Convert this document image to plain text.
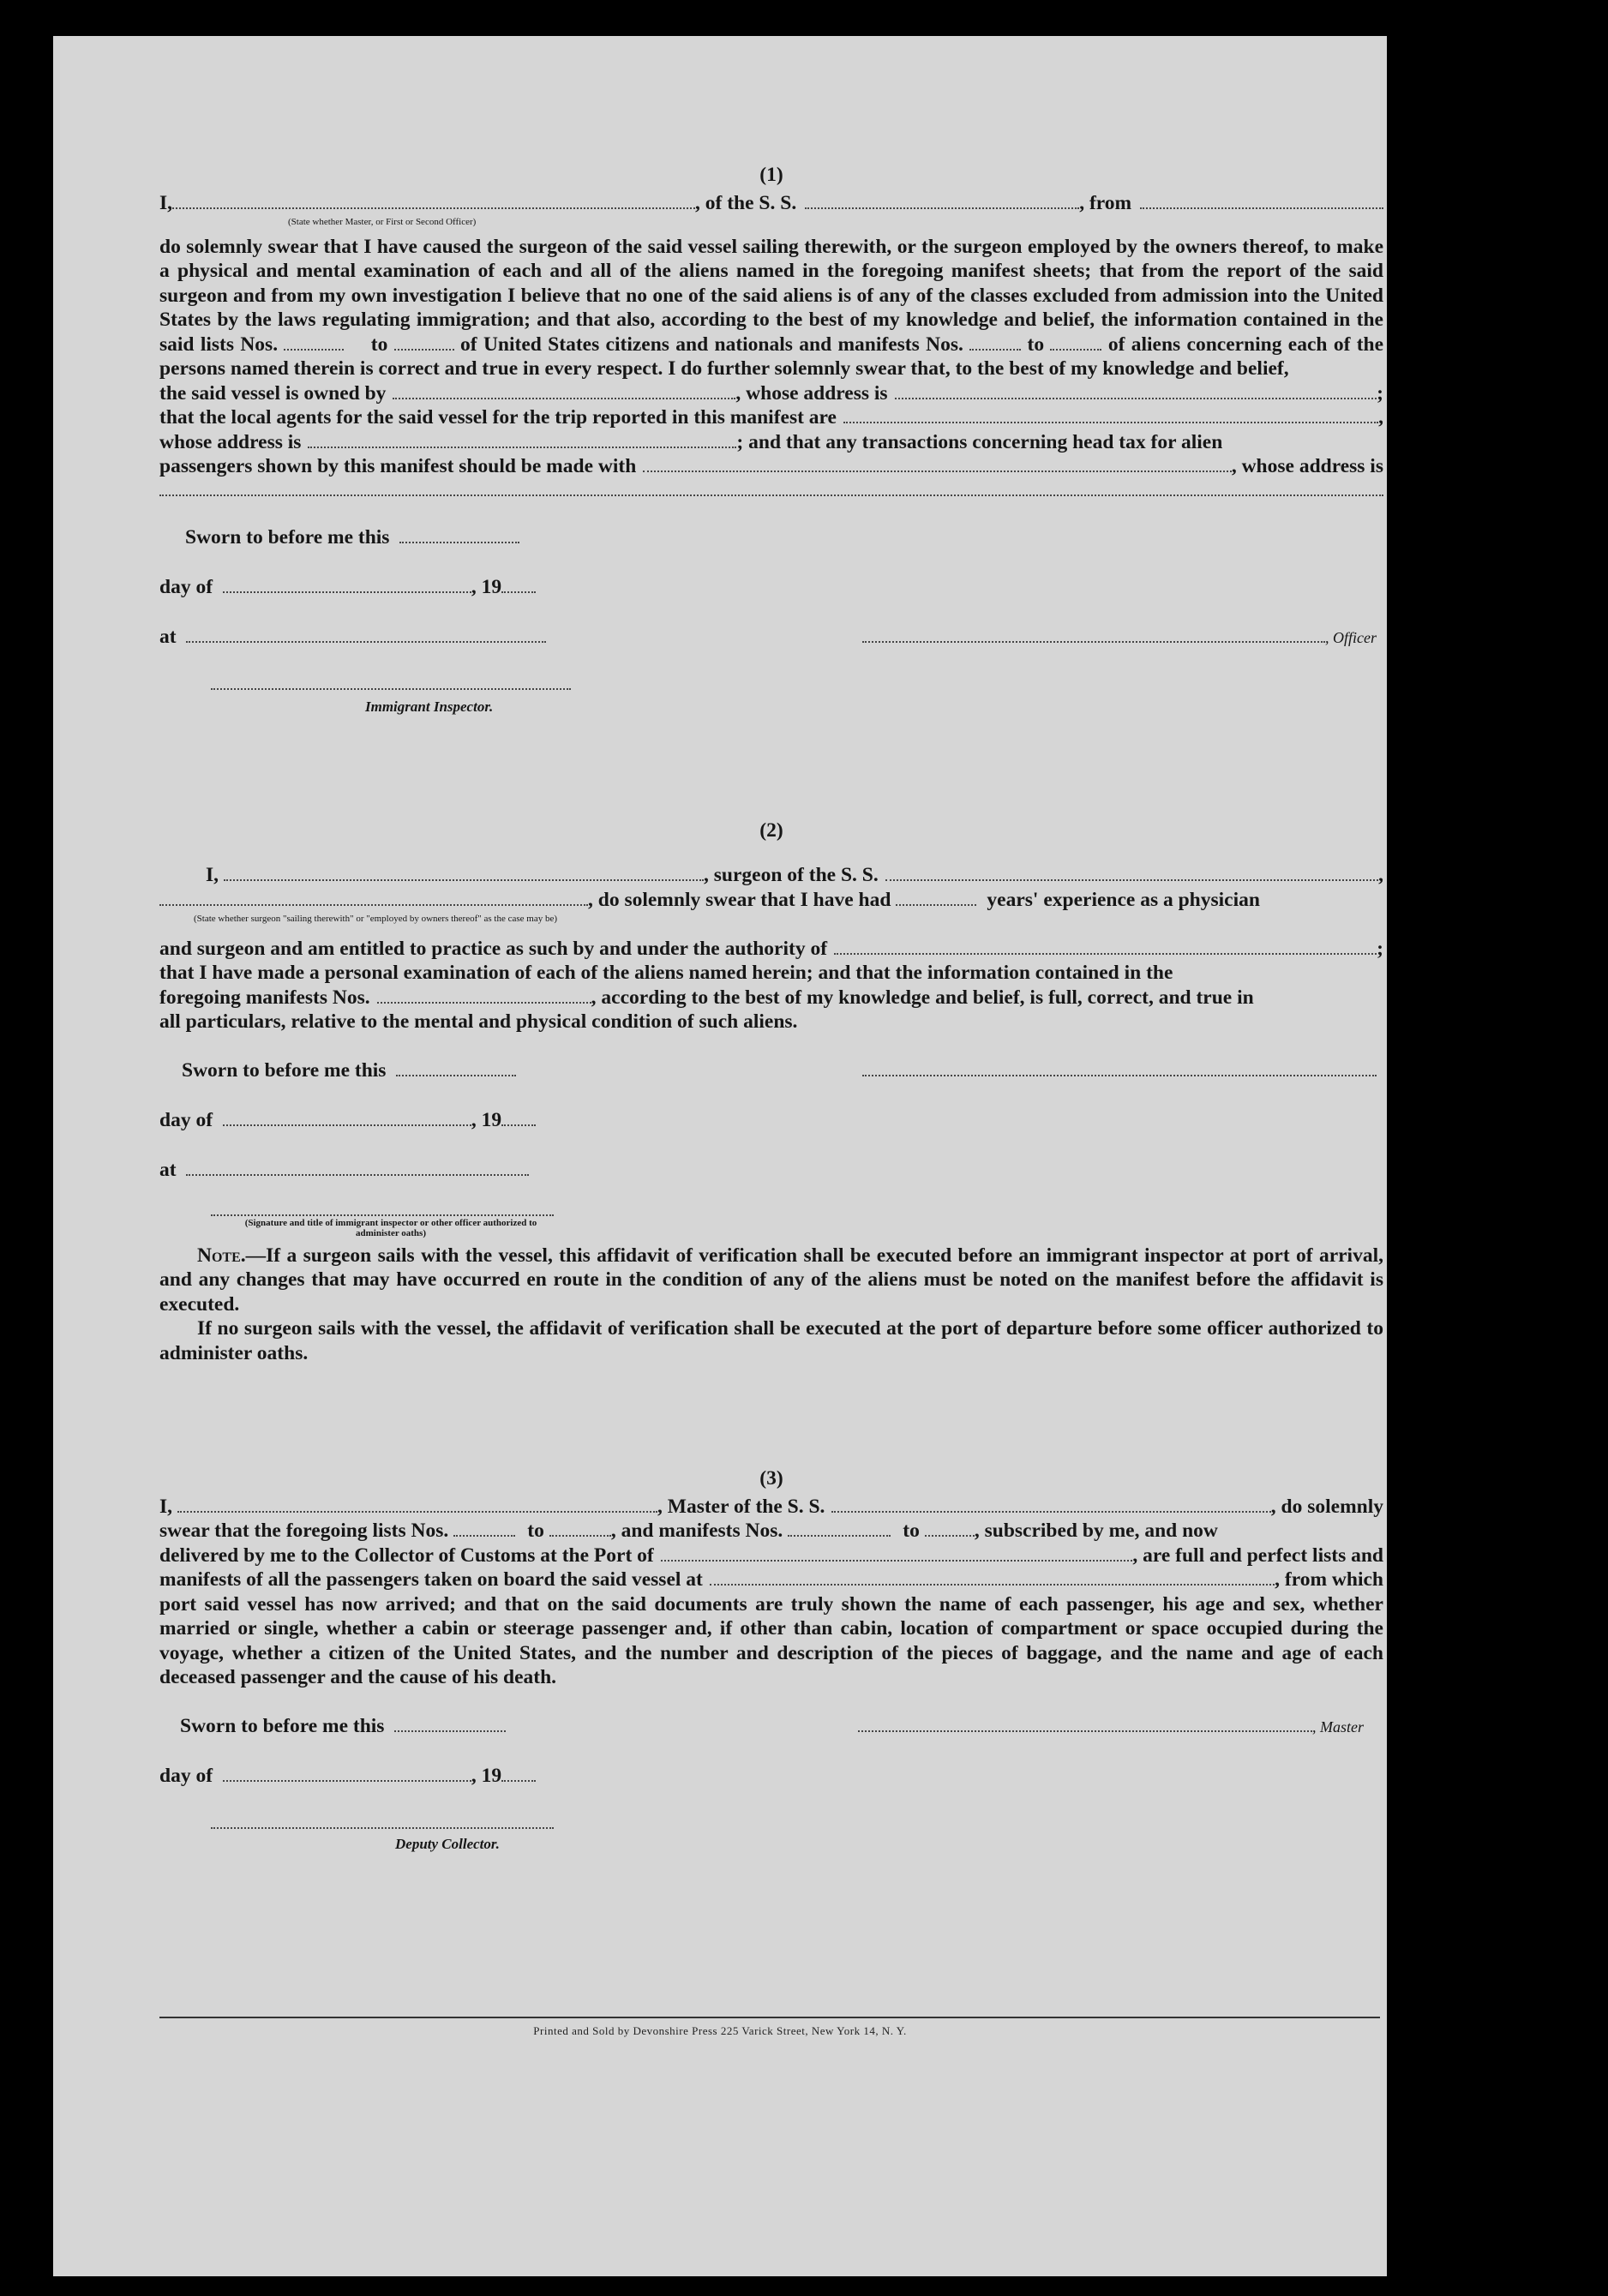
(1)
I,	, of the S. S.	, from
(State whether Master, or First or Second Officer)
do solemnly swear that I have caused the surgeon of the said vessel sailing therewith, or the surgeon employed by the owners thereof, to make a physical and mental examination of each and all of the aliens named in the foregoing manifest sheets; that from the report of the said surgeon and from my own investigation I believe that no one of the said aliens is of any of the classes excluded from admission into the United States by the laws regulating immigration; and that also, according to the best of my knowledge and belief, the information contained in the said lists Nos.	to	of United States citizens and nationals and manifests Nos.	to	of aliens concerning each of the persons named therein is correct and true in every respect. I do further solemnly swear that, to the best of my knowledge and belief,
the said vessel is owned by	, whose address is	;
that the local agents for the said vessel for the trip reported in this manifest are	,
whose address is	; and that any transactions concerning head tax for alien
passengers shown by this manifest should be made with	, whose address is
Sworn to before me this
day of	, 19
at	, Officer
Immigrant Inspector.
(2)
I,	, surgeon of the S. S.	,
, do solemnly swear that I have had	years' experience as a physician
(State whether surgeon "sailing therewith" or "employed by owners thereof" as the case may be)
and surgeon and am entitled to practice as such by and under the authority of	;
that I have made a personal examination of each of the aliens named herein; and that the information contained in the
foregoing manifests Nos.	, according to the best of my knowledge and belief, is full, correct, and true in
all particulars, relative to the mental and physical condition of such aliens.
Sworn to before me this
day of	, 19
at
(Signature and title of immigrant inspector or other officer authorized to administer oaths)
Note.—If a surgeon sails with the vessel, this affidavit of verification shall be executed before an immigrant inspector at port of arrival, and any changes that may have occurred en route in the condition of any of the aliens must be noted on the manifest before the affidavit is executed.
If no surgeon sails with the vessel, the affidavit of verification shall be executed at the port of departure before some officer authorized to administer oaths.
(3)
I,	, Master of the S. S.	, do solemnly
swear that the foregoing lists Nos.	to	, and manifests Nos.	to	, subscribed by me, and now
delivered by me to the Collector of Customs at the Port of	, are full and perfect lists and
manifests of all the passengers taken on board the said vessel at	, from which
port said vessel has now arrived; and that on the said documents are truly shown the name of each passenger, his age and sex, whether married or single, whether a cabin or steerage passenger and, if other than cabin, location of compartment or space occupied during the voyage, whether a citizen of the United States, and the number and description of the pieces of baggage, and the name and age of each deceased passenger and the cause of his death.
Sworn to before me this	, Master
day of	, 19
Deputy Collector.
Printed and Sold by Devonshire Press 225 Varick Street, New York 14, N. Y.
